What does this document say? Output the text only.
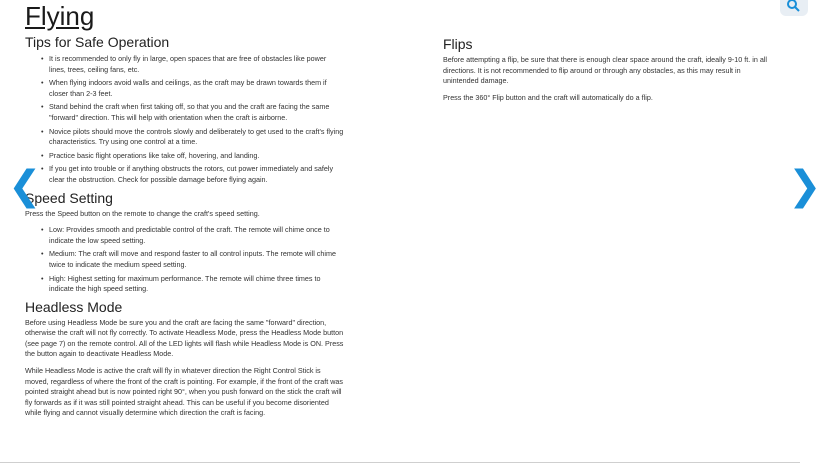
Flying
Tips for Safe Operation
• It is recommended to only fly in large, open spaces that are free of obstacles like power lines, trees, ceiling fans, etc.
• When flying indoors avoid walls and ceilings, as the craft may be drawn towards them if closer than 2-3 feet.
• Stand behind the craft when first taking off, so that you and the craft are facing the same "forward" direction. This will help with orientation when the craft is airborne.
• Novice pilots should move the controls slowly and deliberately to get used to the craft's flying characteristics. Try using one control at a time.
• Practice basic flight operations like take off, hovering, and landing.
• If you get into trouble or if anything obstructs the rotors, cut power immediately and safely clear the obstruction. Check for possible damage before flying again.
Speed Setting

Press the Speed button on the remote to change the craft's speed setting.

• Low: Provides smooth and predictable control of the craft. The remote will chime once to indicate the low speed setting.
• Medium: The craft will move and respond faster to all control inputs. The remote will chime twice to indicate the medium speed setting.
• High: Highest setting for maximum performance. The remote will chime three times to indicate the high speed setting.
Headless Mode

Before using Headless Mode be sure you and the craft are facing the same "forward" direction, otherwise the craft will not fly correctly. To activate Headless Mode, press the Headless Mode button (see page 7) on the remote control. All of the LED lights will flash while Headless Mode is ON. Press the button again to deactivate Headless Mode.

While Headless Mode is active the craft will fly in whatever direction the Right Control Stick is moved, regardless of where the front of the craft is pointing. For example, if the front of the craft was pointed straight ahead but is now pointed right 90°, when you push forward on the stick the craft will fly forwards as if it was still pointed straight ahead. This can be useful if you become disoriented while flying and cannot visually determine which direction the craft is facing.

Flips

Before attempting a flip, be sure that there is enough clear space around the craft, ideally 9-10 ft. in all directions. It is not recommended to flip around or through any obstacles, as this may result in unintended damage.

Press the 360° Flip button and the craft will automatically do a flip.

❮	❯
